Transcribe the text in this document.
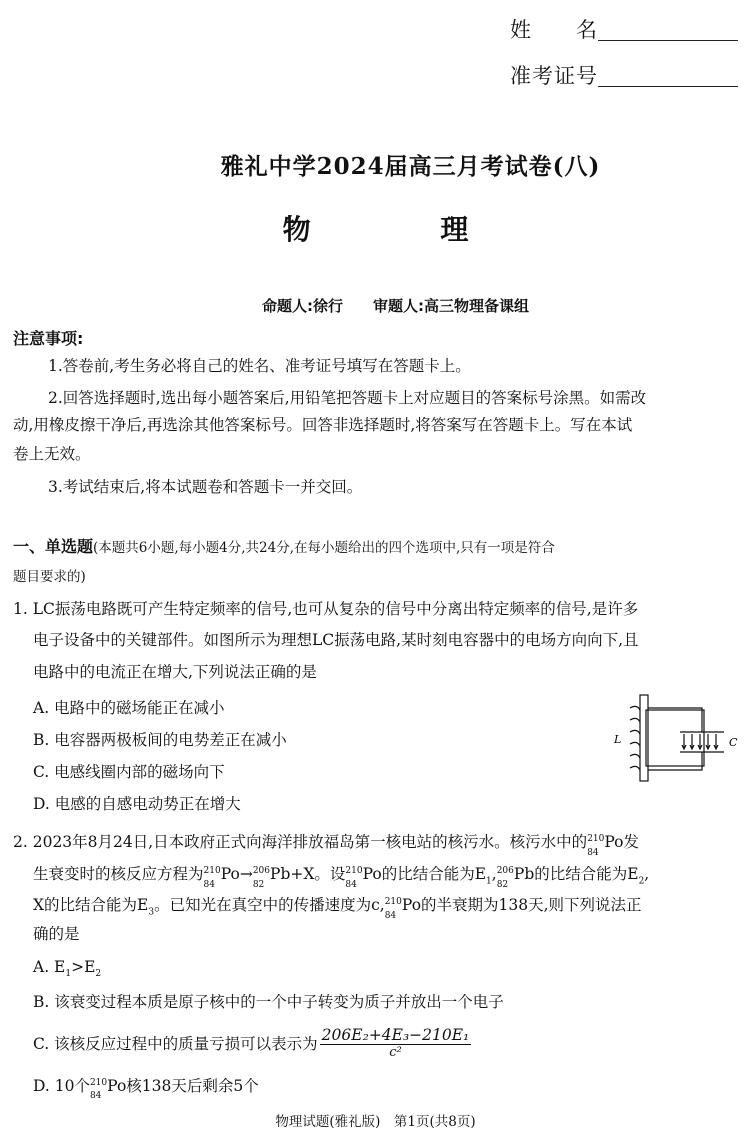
姓　　名
准考证号
雅礼中学2024届高三月考试卷(八)
物 理
命题人:徐行　　审题人:高三物理备课组
注意事项:
1.答卷前,考生务必将自己的姓名、准考证号填写在答题卡上。
2.回答选择题时,选出每小题答案后,用铅笔把答题卡上对应题目的答案标号涂黑。如需改
动,用橡皮擦干净后,再选涂其他答案标号。回答非选择题时,将答案写在答题卡上。写在本试
卷上无效。
3.考试结束后,将本试题卷和答题卡一并交回。
一、单选题(本题共6小题,每小题4分,共24分,在每小题给出的四个选项中,只有一项是符合
题目要求的)
1. LC振荡电路既可产生特定频率的信号,也可从复杂的信号中分离出特定频率的信号,是许多
电子设备中的关键部件。如图所示为理想LC振荡电路,某时刻电容器中的电场方向向下,且
电路中的电流正在增大,下列说法正确的是
A. 电路中的磁场能正在减小
B. 电容器两极板间的电势差正在减小
C. 电感线圈内部的磁场向下
D. 电感的自感电动势正在增大
L	C
2. 2023年8月24日,日本政府正式向海洋排放福岛第一核电站的核污水。核污水中的$^{210}$
84
Po发
生衰变时的核反应方程为$^{210}$
84
Po→$^{206}$
82
Pb+X。设$^{210}$
84
Po的比结合能为$E_1,^{206}$
82
Pb的比结合能为$E_2$,
X的比结合能为$E_3$。已知光在真空中的传播速度为c,$^{210}$
84
Po的半衰期为138天,则下列说法正
确的是
A. $E_1>E_2$
B. 该衰变过程本质是原子核中的一个中子转变为质子并放出一个电子
C. 该核反应过程中的质量亏损可以表示为 $\frac{\text{206E₂+4E₃−210E₁}}{\text{c²}}$
D. 10个$^{210}$
84
Po核138天后剩余5个
物理试题(雅礼版)　第1页(共8页)
